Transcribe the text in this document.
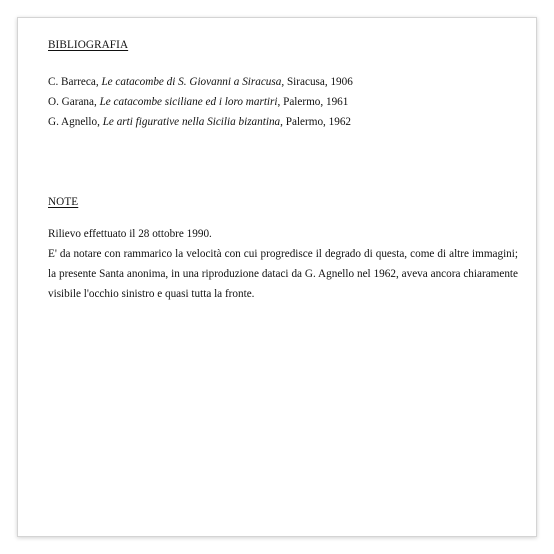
BIBLIOGRAFIA

C. Barreca, Le catacombe di S. Giovanni a Siracusa, Siracusa, 1906

O. Garana, Le catacombe siciliane ed i loro martiri, Palermo, 1961

G. Agnello, Le arti figurative nella Sicilia bizantina, Palermo, 1962

NOTE

Rilievo effettuato il 28 ottobre 1990.

E' da notare con rammarico la velocità con cui progredisce il degrado di questa, come di altre immagini; la presente Santa anonima, in una riproduzione dataci da G. Agnello nel 1962, aveva ancora chiaramente visibile l'occhio sinistro e quasi tutta la fronte.
